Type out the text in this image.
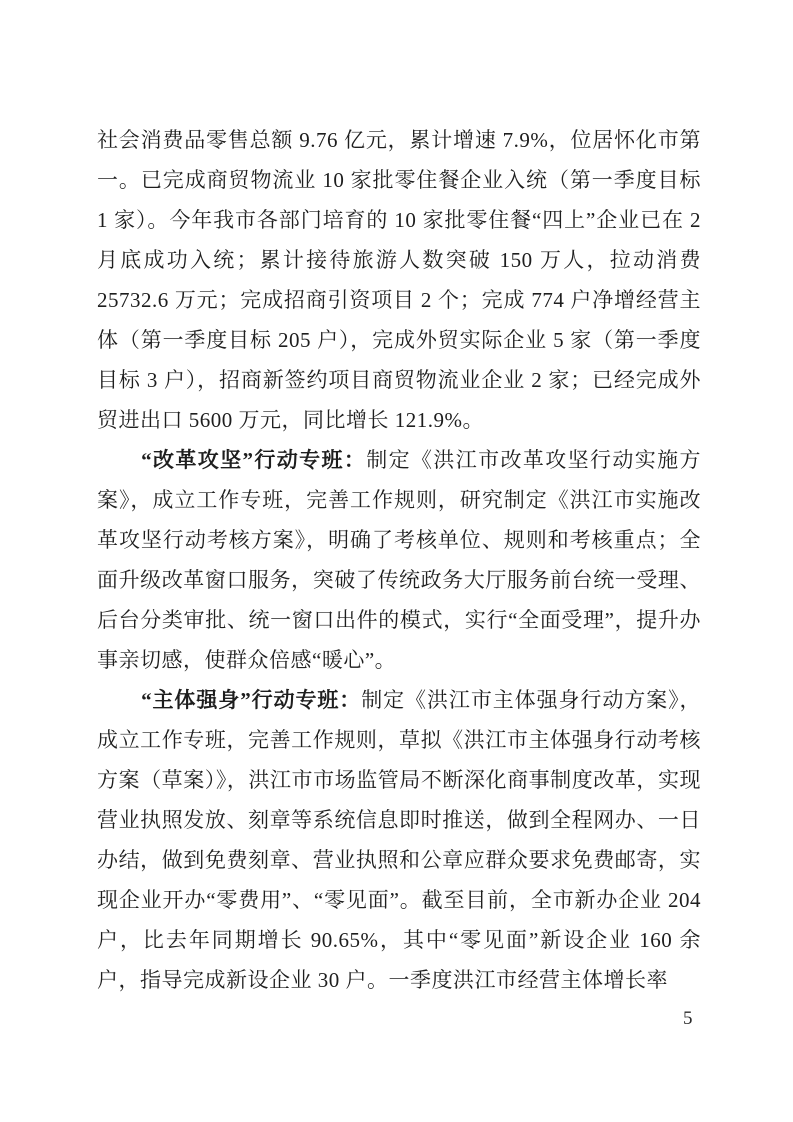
社会消费品零售总额 9.76 亿元，累计增速 7.9%，位居怀化市第一。已完成商贸物流业 10 家批零住餐企业入统（第一季度目标 1 家）。今年我市各部门培育的 10 家批零住餐“四上”企业已在 2 月底成功入统；累计接待旅游人数突破 150 万人，拉动消费 25732.6 万元；完成招商引资项目 2 个；完成 774 户净增经营主体（第一季度目标 205 户），完成外贸实际企业 5 家（第一季度目标 3 户），招商新签约项目商贸物流业企业 2 家；已经完成外贸进出口 5600 万元，同比增长 121.9%。

“改革攻坚”行动专班：制定《洪江市改革攻坚行动实施方案》，成立工作专班，完善工作规则，研究制定《洪江市实施改革攻坚行动考核方案》，明确了考核单位、规则和考核重点；全面升级改革窗口服务，突破了传统政务大厅服务前台统一受理、后台分类审批、统一窗口出件的模式，实行“全面受理”，提升办事亲切感，使群众倍感“暖心”。

“主体强身”行动专班：制定《洪江市主体强身行动方案》，成立工作专班，完善工作规则，草拟《洪江市主体强身行动考核方案（草案）》，洪江市市场监管局不断深化商事制度改革，实现营业执照发放、刻章等系统信息即时推送，做到全程网办、一日办结，做到免费刻章、营业执照和公章应群众要求免费邮寄，实现企业开办“零费用”、“零见面”。截至目前，全市新办企业 204 户，比去年同期增长 90.65%，其中“零见面”新设企业 160 余户，指导完成新设企业 30 户。一季度洪江市经营主体增长率

5
